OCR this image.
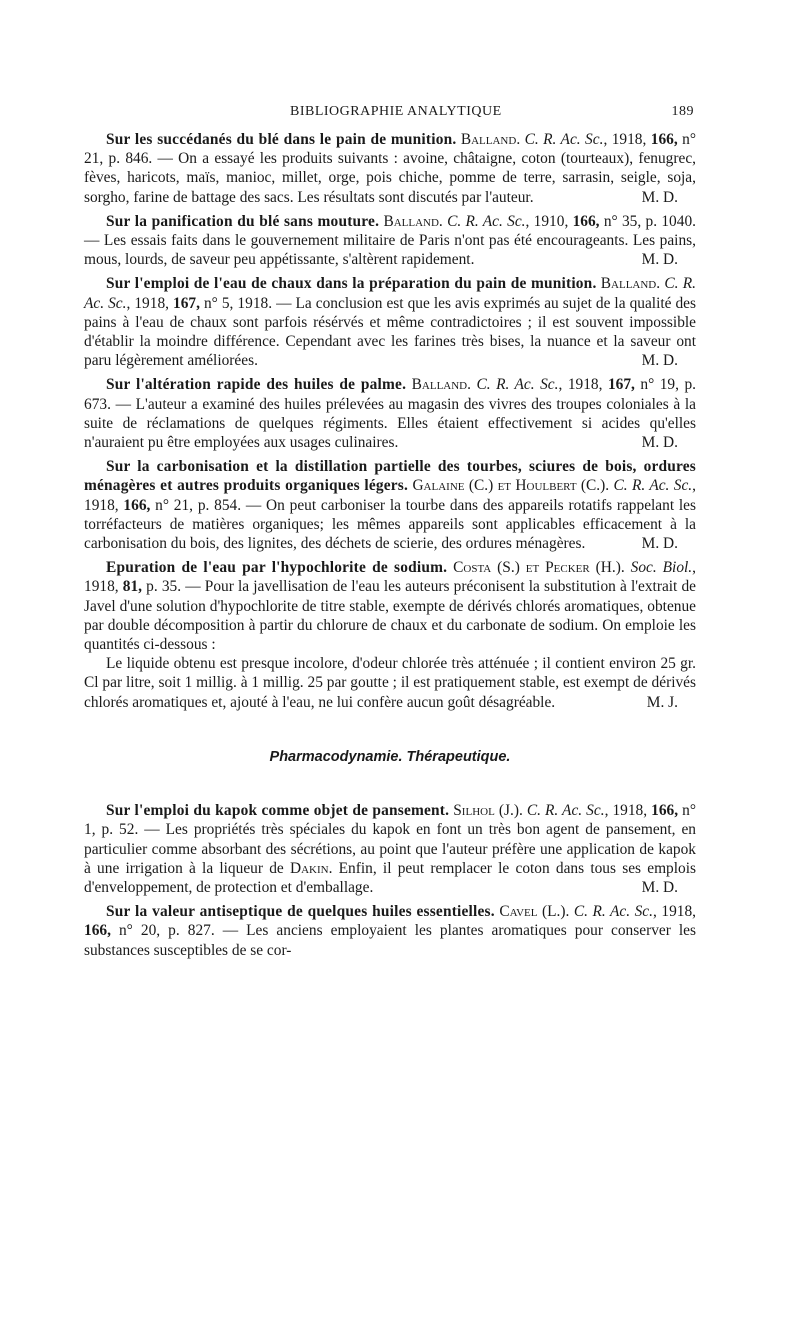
BIBLIOGRAPHIE ANALYTIQUE	189

Sur les succédanés du blé dans le pain de munition. Balland. C. R. Ac. Sc., 1918, 166, n° 21, p. 846. — On a essayé les produits suivants : avoine, châtaigne, coton (tourteaux), fenugrec, fèves, haricots, maïs, manioc, millet, orge, pois chiche, pomme de terre, sarrasin, seigle, soja, sorgho, farine de battage des sacs. Les résultats sont discutés par l'auteur.	M. D.

Sur la panification du blé sans mouture. Balland. C. R. Ac. Sc., 1910, 166, n° 35, p. 1040. — Les essais faits dans le gouvernement militaire de Paris n'ont pas été encourageants. Les pains, mous, lourds, de saveur peu appétissante, s'altèrent rapidement.	M. D.

Sur l'emploi de l'eau de chaux dans la préparation du pain de munition. Balland. C. R. Ac. Sc., 1918, 167, n° 5, 1918. — La conclusion est que les avis exprimés au sujet de la qualité des pains à l'eau de chaux sont parfois résérvés et même contradictoires ; il est souvent impossible d'établir la moindre différence. Cependant avec les farines très bises, la nuance et la saveur ont paru légèrement améliorées.	M. D.

Sur l'altération rapide des huiles de palme. Balland. C. R. Ac. Sc., 1918, 167, n° 19, p. 673. — L'auteur a examiné des huiles prélevées au magasin des vivres des troupes coloniales à la suite de réclamations de quelques régiments. Elles étaient effectivement si acides qu'elles n'auraient pu être employées aux usages culinaires.	M. D.

Sur la carbonisation et la distillation partielle des tourbes, sciures de bois, ordures ménagères et autres produits organiques légers. Galaine (C.) et Houlbert (C.). C. R. Ac. Sc., 1918, 166, n° 21, p. 854. — On peut carboniser la tourbe dans des appareils rotatifs rappelant les torréfacteurs de matières organiques; les mêmes appareils sont applicables efficacement à la carbonisation du bois, des lignites, des déchets de scierie, des ordures ménagères.	M. D.

Epuration de l'eau par l'hypochlorite de sodium. Costa (S.) et Pecker (H.). Soc. Biol., 1918, 81, p. 35. — Pour la javellisation de l'eau les auteurs préconisent la substitution à l'extrait de Javel d'une solution d'hypochlorite de titre stable, exempte de dérivés chlorés aromatiques, obtenue par double décomposition à partir du chlorure de chaux et du carbonate de sodium. On emploie les quantités ci-dessous :

Le liquide obtenu est presque incolore, d'odeur chlorée très atténuée ; il contient environ 25 gr. Cl par litre, soit 1 millig. à 1 millig. 25 par goutte ; il est pratiquement stable, est exempt de dérivés chlorés aromatiques et, ajouté à l'eau, ne lui confère aucun goût désagréable.	M. J.

Pharmacodynamie. Thérapeutique.

Sur l'emploi du kapok comme objet de pansement. Silhol (J.). C. R. Ac. Sc., 1918, 166, n° 1, p. 52. — Les propriétés très spéciales du kapok en font un très bon agent de pansement, en particulier comme absorbant des sécrétions, au point que l'auteur préfère une application de kapok à une irrigation à la liqueur de Dakin. Enfin, il peut remplacer le coton dans tous ses emplois d'enveloppement, de protection et d'emballage.	M. D.

Sur la valeur antiseptique de quelques huiles essentielles. Cavel (L.). C. R. Ac. Sc., 1918, 166, n° 20, p. 827. — Les anciens employaient les plantes aromatiques pour conserver les substances susceptibles de se cor-
